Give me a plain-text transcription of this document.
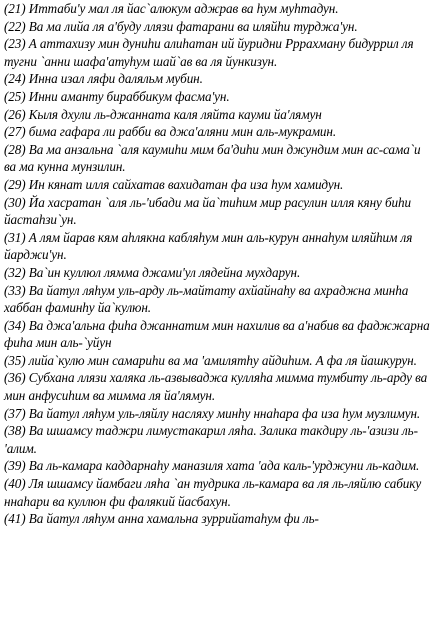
(21) Иттаби'у мал ля йас`алюкум аджрав ва һум муһтадун.

(22) Ва ма лийа ля а'буду ллязи фатарани ва иляйһи турджа'ун.

(23) А аттахизу мин дуниһи алиһатан ий йуридни Рррахману бидуррил ля тугни `анни шафа'атуһум шай`ав ва ля йункизун.

(24) Инна изал ляфи даляльм мубин.

(25) Инни аманту бираббикум фасма'ун.

(26) Кыля дхули ль-джанната каля ляйта кауми йа'лямун

(27) бима гафара ли рабби ва джа'аляни мин аль-мукрамин.

(28) Ва ма анзальна `аля каумиһи мим ба'диһи мин джундим мин ас-сама`и ва ма кунна мунзилин.

(29) Ин кянат илля сайхатав вахидатан фа иза һум хамидун.

(30) Йа хасратан `аля ль-'ибади ма йа`тиһим мир расулин илля кяну биһи йастаһзи`ун.

(31) А лям йарав кям аһлякна кабляһум мин аль-курун аннаһум иляйһим ля йарджи'ун.

(32) Ва`ин куллюл лямма джами'ул лядейна мухдарун.

(33) Ва йатул ляһум уль-арду ль-майтату ахйайнаһу ва ахраджна минһа хаббан фаминһу йа`кулюн.

(34) Ва джа'альна фиһа джаннатим мин нахилив ва а'набив ва фаджжарна фиһа мин аль-`уйун

(35) лийа`кулю мин самариһи ва ма 'амилятһу айдиһим. А фа ля йашкурун.

(36) Субхана ллязи халяка ль-азвываджа кулляһа мимма тумбиту ль-арду ва мин анфусиһим ва мимма ля йа'лямун.

(37) Ва йатул ляһум уль-ляйлу насляху минһу ннаһара фа иза һум музлимун.

(38) Ва шшамсу таджри лимустакарил ляһа. Залика такдиру ль-'азизи ль-'алим.

(39) Ва ль-камара каддарнаһу маназиля хата 'ада каль-'урджуни ль-кадим.

(40) Ля шшамсу йамбаги ляһа `ан тудрика ль-камара ва ля ль-ляйлю сабику ннаһари ва куллюн фи фалякий йасбахун.

(41) Ва йатул ляһум анна хамальна зуррийатаһум фи ль-
